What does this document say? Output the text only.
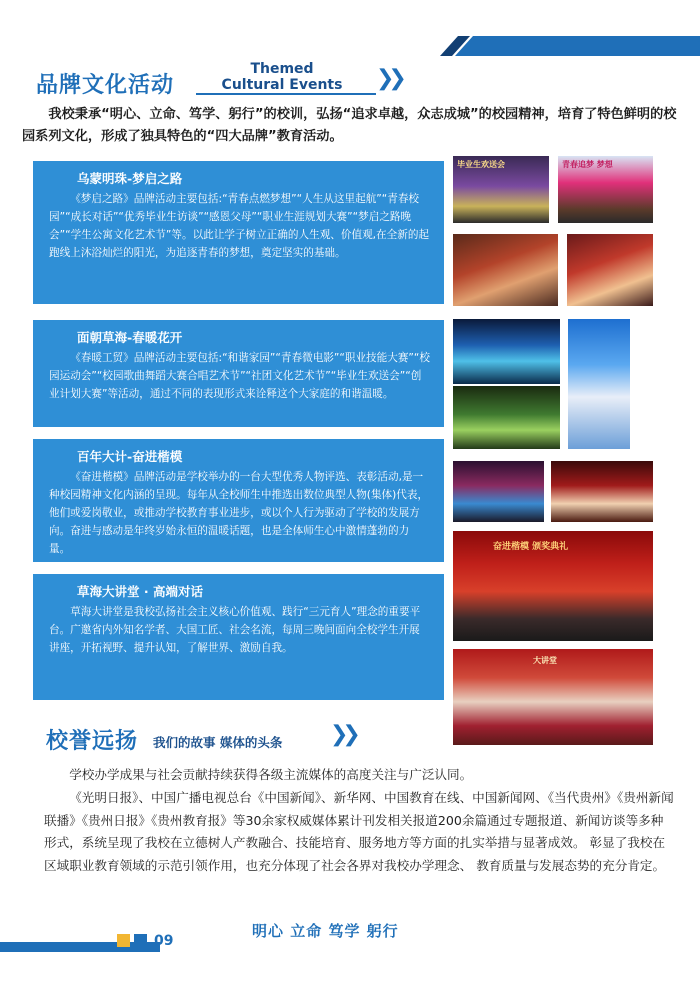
品牌文化活动
Themed
Cultural Events	❯❯
我校秉承“明心、立命、笃学、躬行”的校训，弘扬“追求卓越，众志成城”的校园精神，培育了特色鲜明的校园系列文化，形成了独具特色的“四大品牌”教育活动。
乌蒙明珠-梦启之路
《梦启之路》品牌活动主要包括:“青春点燃梦想”“人生从这里起航”“青春校园”“成长对话”“优秀毕业生访谈”“感恩父母”“职业生涯规划大赛”“梦启之路晚会”“学生公寓文化艺术节”等。以此让学子树立正确的人生观、价值观,在全新的起跑线上沐浴灿烂的阳光，为追逐青春的梦想，奠定坚实的基础。
面朝草海-春暖花开
《春暖工贸》品牌活动主要包括:“和谐家园”“青春微电影”“职业技能大赛”“校园运动会”“校园歌曲舞蹈大赛合唱艺术节”“社团文化艺术节”“毕业生欢送会”“创业计划大赛”等活动，通过不同的表现形式来诠释这个大家庭的和谐温暖。
百年大计-奋进楷模
《奋进楷模》品牌活动是学校举办的一台大型优秀人物评选、表彰活动,是一种校园精神文化内涵的呈现。每年从全校师生中推选出数位典型人物(集体)代表，他们或爱岗敬业，或推动学校教育事业进步，或以个人行为驱动了学校的发展方向。奋进与感动是年终岁始永恒的温暖话题，也是全体师生心中激情蓬勃的力量。
草海大讲堂 · 高端对话
草海大讲堂是我校弘扬社会主义核心价值观、践行“三元育人”理念的重要平台。广邀省内外知名学者、大国工匠、社会名流，每周三晚间面向全校学生开展讲座，开拓视野、提升认知，了解世界、激励自我。
毕业生欢送会	青春追梦 梦想
奋进楷模 颁奖典礼
大讲堂
校誉远扬 我们的故事 媒体的头条 ❯❯
学校办学成果与社会贡献持续获得各级主流媒体的高度关注与广泛认同。
《光明日报》、中国广播电视总台《中国新闻》、新华网、中国教育在线、中国新闻网、《当代贵州》《贵州新闻联播》《贵州日报》《贵州教育报》等30余家权威媒体累计刊发相关报道200余篇通过专题报道、新闻访谈等多种形式，系统呈现了我校在立德树人产教融合、技能培育、服务地方等方面的扎实举措与显著成效。 彰显了我校在区域职业教育领域的示范引领作用，也充分体现了社会各界对我校办学理念、 教育质量与发展态势的充分肯定。
09
明心 立命 笃学 躬行
